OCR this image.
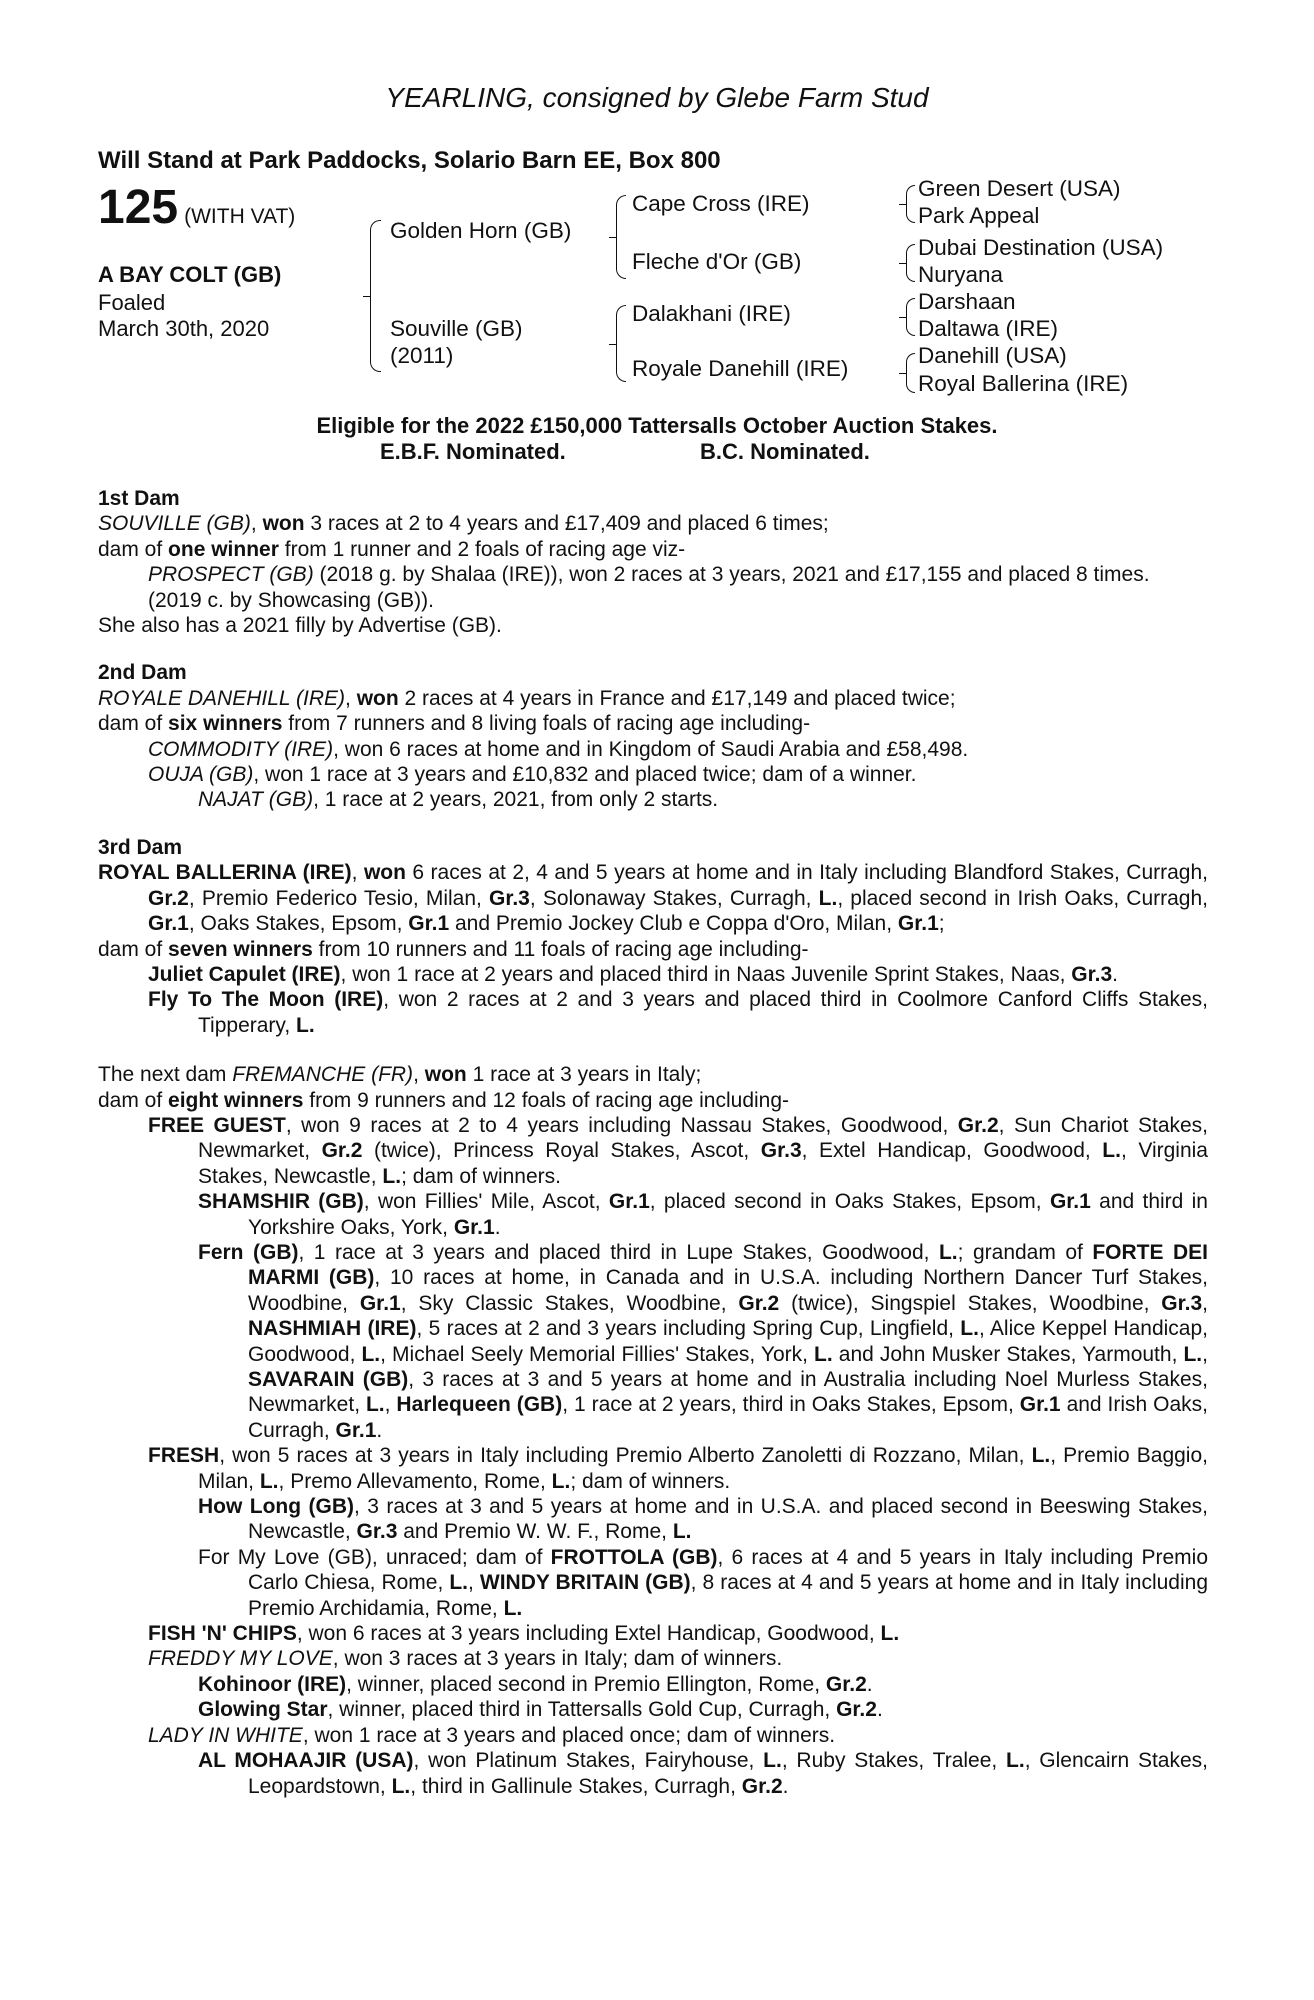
YEARLING, consigned by Glebe Farm Stud
Will Stand at Park Paddocks, Solario Barn EE, Box 800
125 (WITH VAT)
A BAY COLT (GB)
Foaled
March 30th, 2020
Golden Horn (GB)
Souville (GB)
(2011)
Cape Cross (IRE)
Fleche d'Or (GB)
Dalakhani (IRE)
Royale Danehill (IRE)
Green Desert (USA)
Park Appeal
Dubai Destination (USA)
Nuryana
Darshaan
Daltawa (IRE)
Danehill (USA)
Royal Ballerina (IRE)
Eligible for the 2022 £150,000 Tattersalls October Auction Stakes.
E.B.F. Nominated.	B.C. Nominated.
1st Dam

SOUVILLE (GB), won 3 races at 2 to 4 years and £17,409 and placed 6 times;

dam of one winner from 1 runner and 2 foals of racing age viz-

PROSPECT (GB) (2018 g. by Shalaa (IRE)), won 2 races at 3 years, 2021 and £17,155 and placed 8 times.

(2019 c. by Showcasing (GB)).

She also has a 2021 filly by Advertise (GB).

2nd Dam

ROYALE DANEHILL (IRE), won 2 races at 4 years in France and £17,149 and placed twice;

dam of six winners from 7 runners and 8 living foals of racing age including-

COMMODITY (IRE), won 6 races at home and in Kingdom of Saudi Arabia and £58,498.

OUJA (GB), won 1 race at 3 years and £10,832 and placed twice; dam of a winner.

NAJAT (GB), 1 race at 2 years, 2021, from only 2 starts.

3rd Dam

ROYAL BALLERINA (IRE), won 6 races at 2, 4 and 5 years at home and in Italy including Blandford Stakes, Curragh, Gr.2, Premio Federico Tesio, Milan, Gr.3, Solonaway Stakes, Curragh, L., placed second in Irish Oaks, Curragh, Gr.1, Oaks Stakes, Epsom, Gr.1 and Premio Jockey Club e Coppa d'Oro, Milan, Gr.1;

dam of seven winners from 10 runners and 11 foals of racing age including-

Juliet Capulet (IRE), won 1 race at 2 years and placed third in Naas Juvenile Sprint Stakes, Naas, Gr.3.

Fly To The Moon (IRE), won 2 races at 2 and 3 years and placed third in Coolmore Canford Cliffs Stakes, Tipperary, L.

The next dam FREMANCHE (FR), won 1 race at 3 years in Italy;

dam of eight winners from 9 runners and 12 foals of racing age including-

FREE GUEST, won 9 races at 2 to 4 years including Nassau Stakes, Goodwood, Gr.2, Sun Chariot Stakes, Newmarket, Gr.2 (twice), Princess Royal Stakes, Ascot, Gr.3, Extel Handicap, Goodwood, L., Virginia Stakes, Newcastle, L.; dam of winners.

SHAMSHIR (GB), won Fillies' Mile, Ascot, Gr.1, placed second in Oaks Stakes, Epsom, Gr.1 and third in Yorkshire Oaks, York, Gr.1.

Fern (GB), 1 race at 3 years and placed third in Lupe Stakes, Goodwood, L.; grandam of FORTE DEI MARMI (GB), 10 races at home, in Canada and in U.S.A. including Northern Dancer Turf Stakes, Woodbine, Gr.1, Sky Classic Stakes, Woodbine, Gr.2 (twice), Singspiel Stakes, Woodbine, Gr.3, NASHMIAH (IRE), 5 races at 2 and 3 years including Spring Cup, Lingfield, L., Alice Keppel Handicap, Goodwood, L., Michael Seely Memorial Fillies' Stakes, York, L. and John Musker Stakes, Yarmouth, L., SAVARAIN (GB), 3 races at 3 and 5 years at home and in Australia including Noel Murless Stakes, Newmarket, L., Harlequeen (GB), 1 race at 2 years, third in Oaks Stakes, Epsom, Gr.1 and Irish Oaks, Curragh, Gr.1.

FRESH, won 5 races at 3 years in Italy including Premio Alberto Zanoletti di Rozzano, Milan, L., Premio Baggio, Milan, L., Premo Allevamento, Rome, L.; dam of winners.

How Long (GB), 3 races at 3 and 5 years at home and in U.S.A. and placed second in Beeswing Stakes, Newcastle, Gr.3 and Premio W. W. F., Rome, L.

For My Love (GB), unraced; dam of FROTTOLA (GB), 6 races at 4 and 5 years in Italy including Premio Carlo Chiesa, Rome, L., WINDY BRITAIN (GB), 8 races at 4 and 5 years at home and in Italy including Premio Archidamia, Rome, L.

FISH 'N' CHIPS, won 6 races at 3 years including Extel Handicap, Goodwood, L.

FREDDY MY LOVE, won 3 races at 3 years in Italy; dam of winners.

Kohinoor (IRE), winner, placed second in Premio Ellington, Rome, Gr.2.

Glowing Star, winner, placed third in Tattersalls Gold Cup, Curragh, Gr.2.

LADY IN WHITE, won 1 race at 3 years and placed once; dam of winners.

AL MOHAAJIR (USA), won Platinum Stakes, Fairyhouse, L., Ruby Stakes, Tralee, L., Glencairn Stakes, Leopardstown, L., third in Gallinule Stakes, Curragh, Gr.2.
